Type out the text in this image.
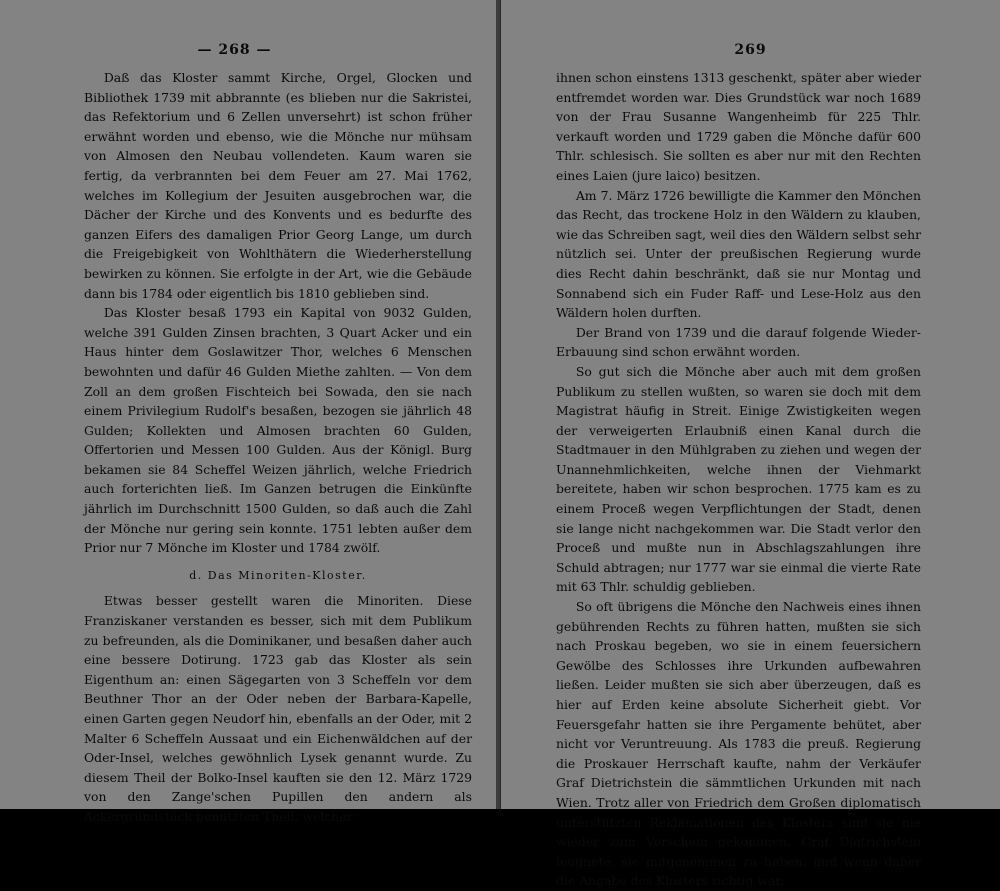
— 268 —

Daß das Kloster sammt Kirche, Orgel, Glocken und Bibliothek 1739 mit abbrannte (es blieben nur die Sakristei, das Refektorium und 6 Zellen unversehrt) ist schon früher erwähnt worden und ebenso, wie die Mönche nur mühsam von Almosen den Neubau vollendeten. Kaum waren sie fertig, da verbrannten bei dem Feuer am 27. Mai 1762, welches im Kollegium der Jesuiten ausgebrochen war, die Dächer der Kirche und des Konvents und es bedurfte des ganzen Eifers des damaligen Prior Georg Lange, um durch die Freigebigkeit von Wohlthätern die Wiederherstellung bewirken zu können. Sie erfolgte in der Art, wie die Gebäude dann bis 1784 oder eigentlich bis 1810 geblieben sind.

Das Kloster besaß 1793 ein Kapital von 9032 Gulden, welche 391 Gulden Zinsen brachten, 3 Quart Acker und ein Haus hinter dem Goslawitzer Thor, welches 6 Menschen bewohnten und dafür 46 Gulden Miethe zahlten. — Von dem Zoll an dem großen Fischteich bei Sowada, den sie nach einem Privilegium Rudolf's besaßen, bezogen sie jährlich 48 Gulden; Kollekten und Almosen brachten 60 Gulden, Offertorien und Messen 100 Gulden. Aus der Königl. Burg bekamen sie 84 Scheffel Weizen jährlich, welche Friedrich auch forterichten ließ. Im Ganzen betrugen die Einkünfte jährlich im Durchschnitt 1500 Gulden, so daß auch die Zahl der Mönche nur gering sein konnte. 1751 lebten außer dem Prior nur 7 Mönche im Kloster und 1784 zwölf.

d. Das Minoriten-Kloster.

Etwas besser gestellt waren die Minoriten. Diese Franziskaner verstanden es besser, sich mit dem Publikum zu befreunden, als die Dominikaner, und besaßen daher auch eine bessere Dotirung. 1723 gab das Kloster als sein Eigenthum an: einen Sägegarten von 3 Scheffeln vor dem Beuthner Thor an der Oder neben der Barbara-Kapelle, einen Garten gegen Neudorf hin, ebenfalls an der Oder, mit 2 Malter 6 Scheffeln Aussaat und ein Eichenwäldchen auf der Oder-Insel, welches gewöhnlich Lysek genannt wurde. Zu diesem Theil der Bolko-Insel kauften sie den 12. März 1729 von den Zange'schen Pupillen den andern als Ackergrundstück benutzten Theil, welcher

269

ihnen schon einstens 1313 geschenkt, später aber wieder entfremdet worden war. Dies Grundstück war noch 1689 von der Frau Susanne Wangenheimb für 225 Thlr. verkauft worden und 1729 gaben die Mönche dafür 600 Thlr. schlesisch. Sie sollten es aber nur mit den Rechten eines Laien (jure laico) besitzen.

Am 7. März 1726 bewilligte die Kammer den Mönchen das Recht, das trockene Holz in den Wäldern zu klauben, wie das Schreiben sagt, weil dies den Wäldern selbst sehr nützlich sei. Unter der preußischen Regierung wurde dies Recht dahin beschränkt, daß sie nur Montag und Sonnabend sich ein Fuder Raff- und Lese-Holz aus den Wäldern holen durften.

Der Brand von 1739 und die darauf folgende Wieder-Erbauung sind schon erwähnt worden.

So gut sich die Mönche aber auch mit dem großen Publikum zu stellen wußten, so waren sie doch mit dem Magistrat häufig in Streit. Einige Zwistigkeiten wegen der verweigerten Erlaubniß einen Kanal durch die Stadtmauer in den Mühlgraben zu ziehen und wegen der Unannehmlichkeiten, welche ihnen der Viehmarkt bereitete, haben wir schon besprochen. 1775 kam es zu einem Proceß wegen Verpflichtungen der Stadt, denen sie lange nicht nachgekommen war. Die Stadt verlor den Proceß und mußte nun in Abschlagszahlungen ihre Schuld abtragen; nur 1777 war sie einmal die vierte Rate mit 63 Thlr. schuldig geblieben.

So oft übrigens die Mönche den Nachweis eines ihnen gebührenden Rechts zu führen hatten, mußten sie sich nach Proskau begeben, wo sie in einem feuersichern Gewölbe des Schlosses ihre Urkunden aufbewahren ließen. Leider mußten sie sich aber überzeugen, daß es hier auf Erden keine absolute Sicherheit giebt. Vor Feuersgefahr hatten sie ihre Pergamente behütet, aber nicht vor Veruntreuung. Als 1783 die preuß. Regierung die Proskauer Herrschaft kaufte, nahm der Verkäufer Graf Dietrichstein die sämmtlichen Urkunden mit nach Wien. Trotz aller von Friedrich dem Großen diplomatisch unterstützten Reklamationen des Klosters sind sie nie wieder zum Vorschein gekommen. Graf Dietrichstein leugnete, sie mitgenommen zu haben, und wenn daher die Angabe des Klosters richtig war,
